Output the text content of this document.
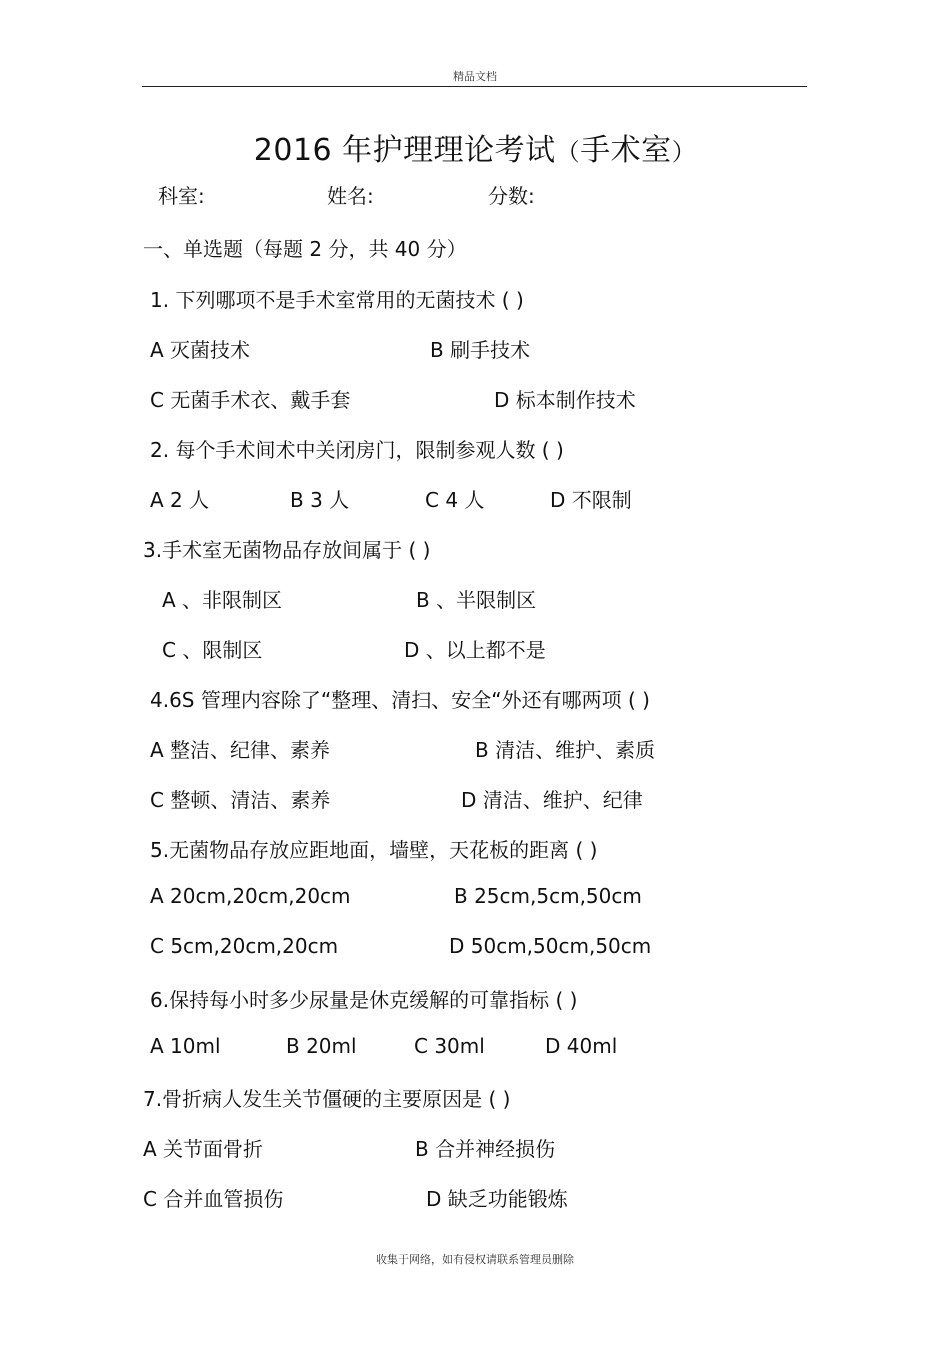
精品文档
2016 年护理理论考试（手术室）
科室:	姓名:	分数:
一、单选题（每题 2 分，共 40 分）
1. 下列哪项不是手术室常用的无菌技术 ( )
A 灭菌技术	B 刷手技术
C 无菌手术衣、戴手套	D 标本制作技术
2. 每个手术间术中关闭房门，限制参观人数 ( )
A 2 人	B 3 人	C 4 人	D 不限制
3.手术室无菌物品存放间属于 ( )
A 、非限制区	B 、半限制区
C 、限制区	D 、以上都不是
4.6S 管理内容除了“整理、清扫、安全“外还有哪两项 ( )
A 整洁、纪律、素养	B 清洁、维护、素质
C 整顿、清洁、素养	D 清洁、维护、纪律
5.无菌物品存放应距地面，墙壁，天花板的距离 ( )
A 20cm,20cm,20cm	B 25cm,5cm,50cm
C 5cm,20cm,20cm	D 50cm,50cm,50cm
6.保持每小时多少尿量是休克缓解的可靠指标 ( )
A 10ml	B 20ml	C 30ml	D 40ml
7.骨折病人发生关节僵硬的主要原因是 ( )
A 关节面骨折	B 合并神经损伤
C 合并血管损伤	D 缺乏功能锻炼
收集于网络，如有侵权请联系管理员删除
